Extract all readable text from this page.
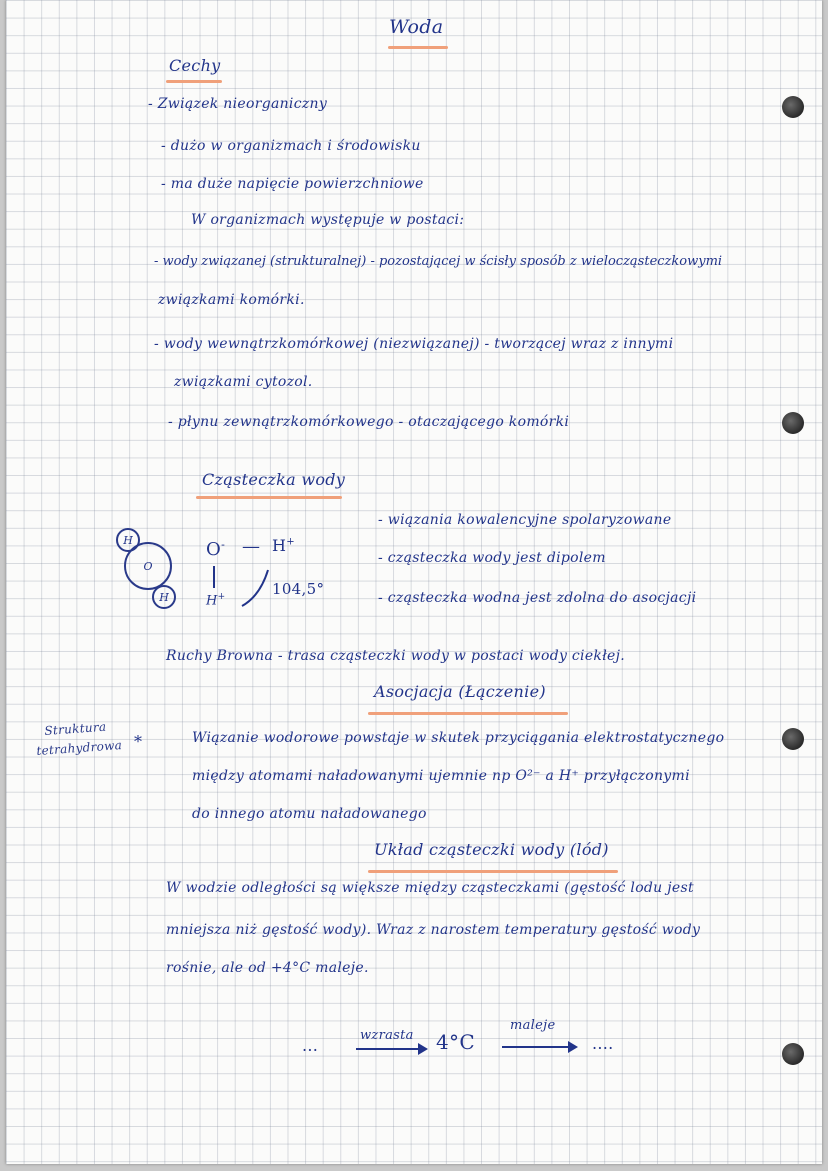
Woda
Cechy
- Związek nieorganiczny
- dużo w organizmach i środowisku
- ma duże napięcie powierzchniowe
W organizmach występuje w postaci:
- wody związanej (strukturalnej) - pozostającej w ścisły sposób z wielocząsteczkowymi
związkami komórki.
- wody wewnątrzkomórkowej (niezwiązanej) - tworzącej wraz z innymi
związkami cytozol.
- płynu zewnątrzkomórkowego - otaczającego komórki
Cząsteczka wody
O
H
H
O- — H+
H+	104,5°
- wiązania kowalencyjne spolaryzowane
- cząsteczka wody jest dipolem
- cząsteczka wodna jest zdolna do asocjacji
Ruchy Browna - trasa cząsteczki wody w postaci wody ciekłej.
Asocjacja (Łączenie)
Struktura
tetrahydrowa *	Wiązanie wodorowe powstaje w skutek przyciągania elektrostatycznego
między atomami naładowanymi ujemnie np O²⁻ a H⁺ przyłączonymi
do innego atomu naładowanego
Układ cząsteczki wody (lód)
W wodzie odległości są większe między cząsteczkami (gęstość lodu jest
mniejsza niż gęstość wody). Wraz z narostem temperatury gęstość wody
rośnie, ale od +4°C maleje.
...
wzrasta 4°C
maleje
....
